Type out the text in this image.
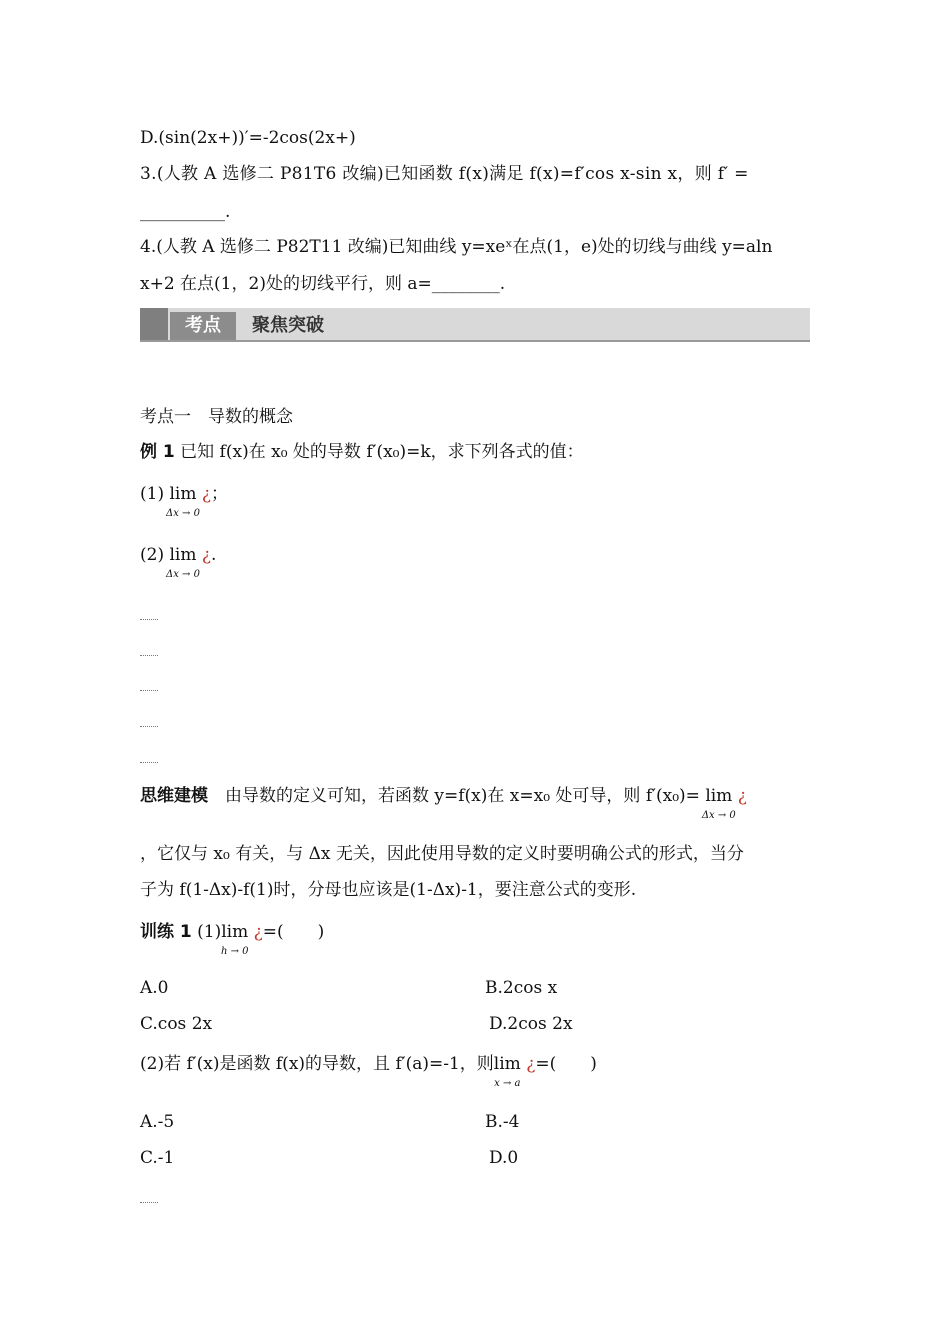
D.(sin(2x+))′=-2cos(2x+)
3.(人教 A 选修二 P81T6 改编)已知函数 f(x)满足 f(x)=f′cos x-sin x，则 f′ =
__________.
4.(人教 A 选修二 P82T11 改编)已知曲线 y=xeˣ在点(1，e)处的切线与曲线 y=aln
x+2 在点(1，2)处的切线平行，则 a=________.
考点	聚焦突破
考点一　导数的概念
例 1 已知 f(x)在 x₀ 处的导数 f′(x₀)=k，求下列各式的值：
(1) lim
Δx → 0
¿；
(2) lim
Δx → 0
¿.
思维建模　由导数的定义可知，若函数 y=f(x)在 x=x₀ 处可导，则 f′(x₀)= lim
Δx → 0
¿
，它仅与 x₀ 有关，与 Δx 无关，因此使用导数的定义时要明确公式的形式，当分
子为 f(1-Δx)-f(1)时，分母也应该是(1-Δx)-1，要注意公式的变形.
训练 1 (1)lim
h → 0
¿=(　　)
A.0	B.2cos x
C.cos 2x	D.2cos 2x
(2)若 f′(x)是函数 f(x)的导数，且 f′(a)=-1，则lim
x → a
¿=(　　)
A.-5	B.-4
C.-1	D.0
